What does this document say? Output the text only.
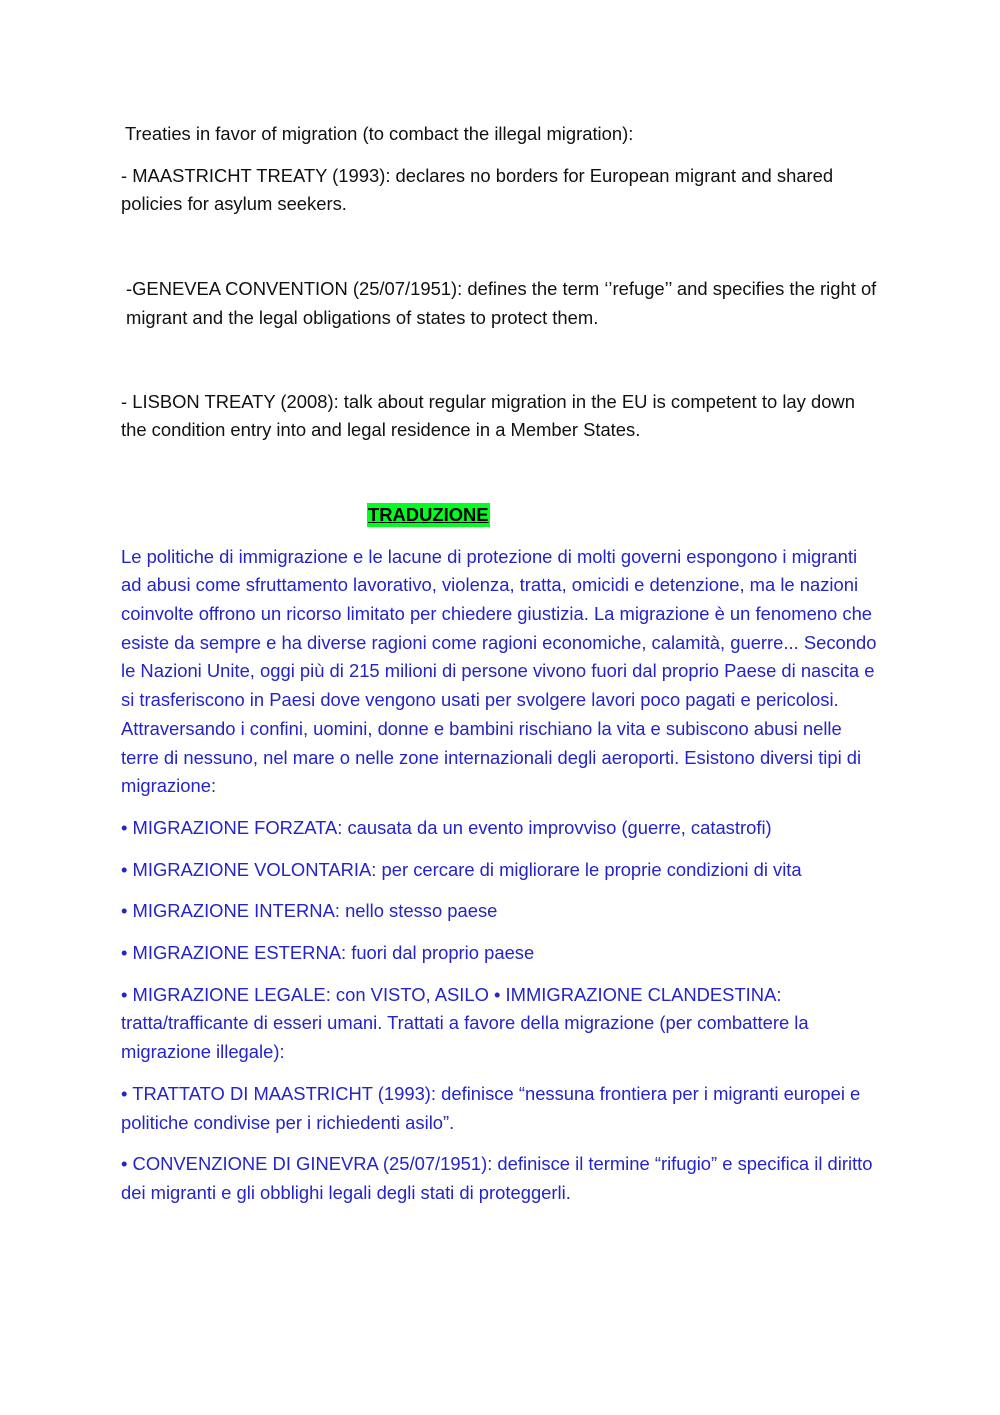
Treaties in favor of migration (to combact the illegal migration):

- MAASTRICHT TREATY (1993): declares no borders for European migrant and shared policies for asylum seekers.

-GENEVEA CONVENTION (25/07/1951): defines the term ‘’refuge’’ and specifies the right of migrant and the legal obligations of states to protect them.

- LISBON TREATY (2008): talk about regular migration in the EU is competent to lay down the condition entry into and legal residence in a Member States.

TRADUZIONE

Le politiche di immigrazione e le lacune di protezione di molti governi espongono i migranti ad abusi come sfruttamento lavorativo, violenza, tratta, omicidi e detenzione, ma le nazioni coinvolte offrono un ricorso limitato per chiedere giustizia. La migrazione è un fenomeno che esiste da sempre e ha diverse ragioni come ragioni economiche, calamità, guerre... Secondo le Nazioni Unite, oggi più di 215 milioni di persone vivono fuori dal proprio Paese di nascita e si trasferiscono in Paesi dove vengono usati per svolgere lavori poco pagati e pericolosi. Attraversando i confini, uomini, donne e bambini rischiano la vita e subiscono abusi nelle terre di nessuno, nel mare o nelle zone internazionali degli aeroporti. Esistono diversi tipi di migrazione:

• MIGRAZIONE FORZATA: causata da un evento improvviso (guerre, catastrofi)

• MIGRAZIONE VOLONTARIA: per cercare di migliorare le proprie condizioni di vita

• MIGRAZIONE INTERNA: nello stesso paese

• MIGRAZIONE ESTERNA: fuori dal proprio paese

• MIGRAZIONE LEGALE: con VISTO, ASILO • IMMIGRAZIONE CLANDESTINA: tratta/trafficante di esseri umani. Trattati a favore della migrazione (per combattere la migrazione illegale):

• TRATTATO DI MAASTRICHT (1993): definisce “nessuna frontiera per i migranti europei e politiche condivise per i richiedenti asilo”.

• CONVENZIONE DI GINEVRA (25/07/1951): definisce il termine “rifugio” e specifica il diritto dei migranti e gli obblighi legali degli stati di proteggerli.
